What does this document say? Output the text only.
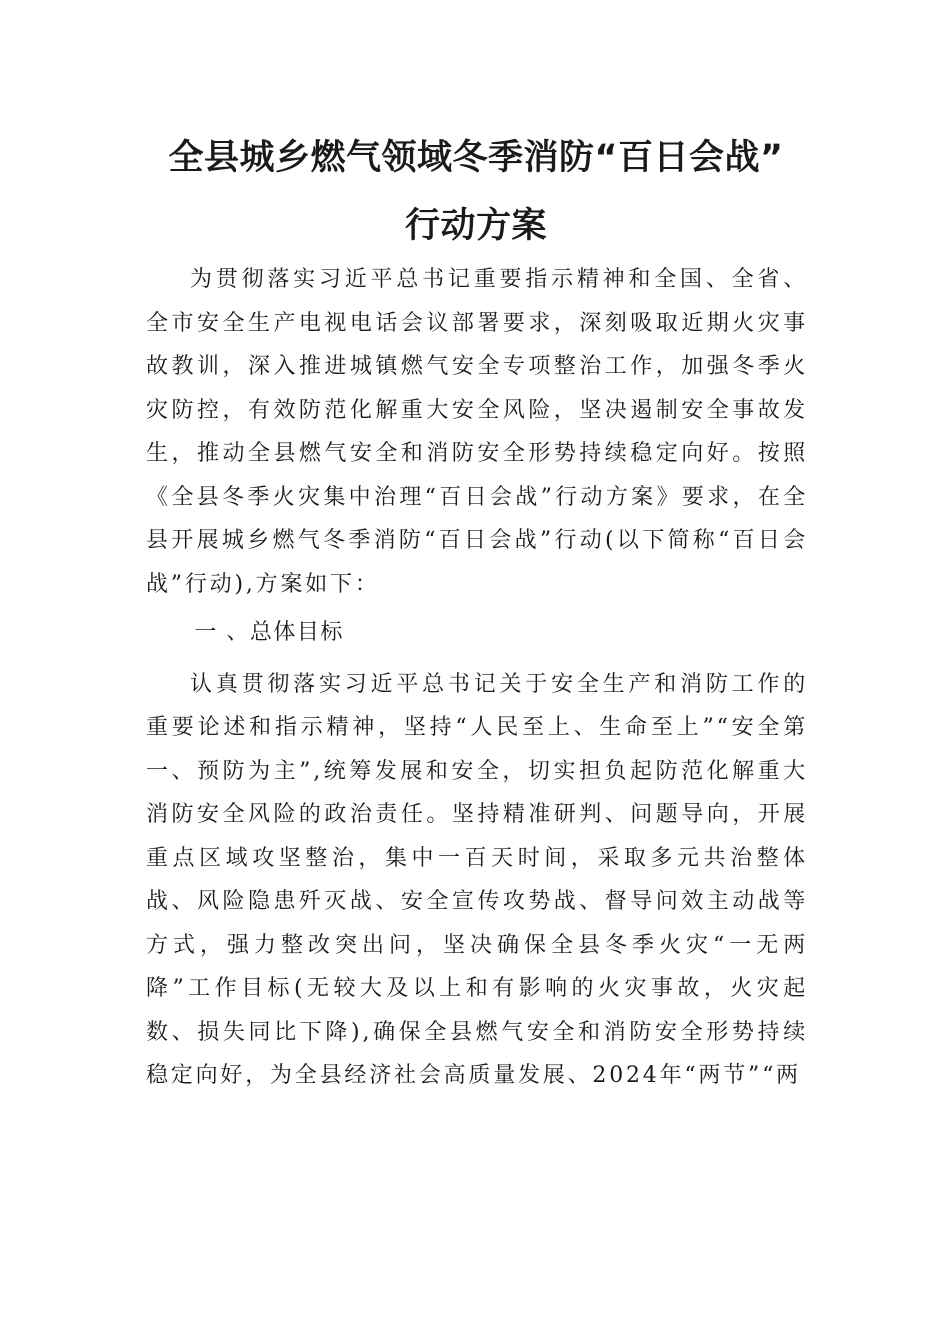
全县城乡燃气领域冬季消防“百日会战”
行动方案

为贯彻落实习近平总书记重要指示精神和全国、全省、全市安全生产电视电话会议部署要求，深刻吸取近期火灾事故教训，深入推进城镇燃气安全专项整治工作，加强冬季火灾防控，有效防范化解重大安全风险，坚决遏制安全事故发生，推动全县燃气安全和消防安全形势持续稳定向好。按照《全县冬季火灾集中治理“百日会战”行动方案》要求，在全县开展城乡燃气冬季消防“百日会战”行动(以下简称“百日会战”行动),方案如下：

一 、总体目标

认真贯彻落实习近平总书记关于安全生产和消防工作的重要论述和指示精神，坚持“人民至上、生命至上”“安全第一、预防为主”,统筹发展和安全，切实担负起防范化解重大消防安全风险的政治责任。坚持精准研判、问题导向，开展重点区域攻坚整治，集中一百天时间，采取多元共治整体战、风险隐患歼灭战、安全宣传攻势战、督导问效主动战等方式，强力整改突出问，坚决确保全县冬季火灾“一无两降”工作目标(无较大及以上和有影响的火灾事故，火灾起数、损失同比下降),确保全县燃气安全和消防安全形势持续稳定向好，为全县经济社会高质量发展、2024年“两节”“两
